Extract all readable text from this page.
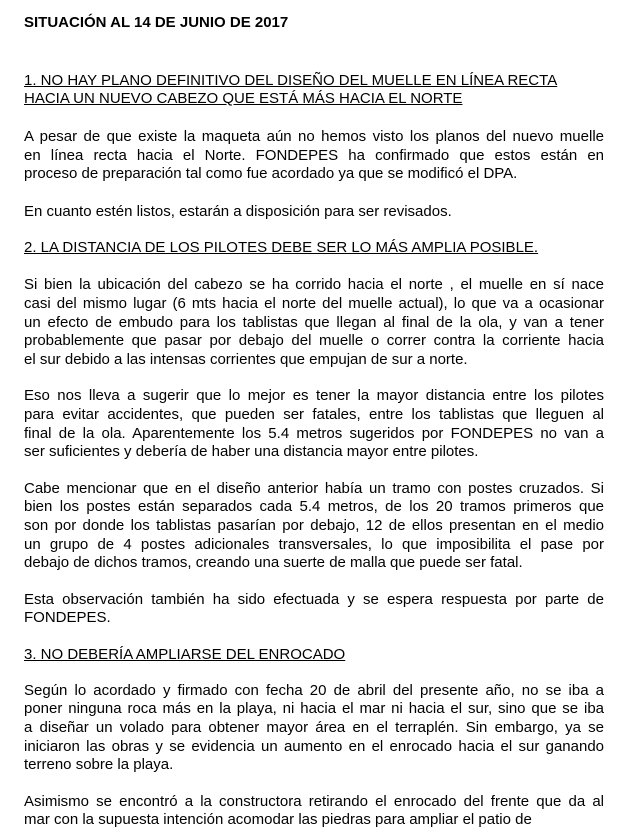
SITUACIÓN AL 14 DE JUNIO DE 2017

1. NO HAY PLANO DEFINITIVO DEL DISEÑO DEL MUELLE EN LÍNEA RECTA
HACIA UN NUEVO CABEZO QUE ESTÁ MÁS HACIA EL NORTE
A pesar de que existe la maqueta aún no hemos visto los planos del nuevo muelle
en línea recta hacia el Norte. FONDEPES ha confirmado que estos están en
proceso de preparación tal como fue acordado ya que se modificó el DPA.
En cuanto estén listos, estarán a disposición para ser revisados.
2. LA DISTANCIA DE LOS PILOTES DEBE SER LO MÁS AMPLIA POSIBLE.
Si bien la ubicación del cabezo se ha corrido hacia el norte , el muelle en sí nace
casi del mismo lugar (6 mts hacia el norte del muelle actual), lo que va a ocasionar
un efecto de embudo para los tablistas que llegan al final de la ola, y van a tener
probablemente que pasar por debajo del muelle o correr contra la corriente hacia
el sur debido a las intensas corrientes que empujan de sur a norte.
Eso nos lleva a sugerir que lo mejor es tener la mayor distancia entre los pilotes
para evitar accidentes, que pueden ser fatales, entre los tablistas que lleguen al
final de la ola. Aparentemente los 5.4 metros sugeridos por FONDEPES no van a
ser suficientes y debería de haber una distancia mayor entre pilotes.
Cabe mencionar que en el diseño anterior había un tramo con postes cruzados. Si
bien los postes están separados cada 5.4 metros, de los 20 tramos primeros que
son por donde los tablistas pasarían por debajo, 12 de ellos presentan en el medio
un grupo de 4 postes adicionales transversales, lo que imposibilita el pase por
debajo de dichos tramos, creando una suerte de malla que puede ser fatal.
Esta observación también ha sido efectuada y se espera respuesta por parte de
FONDEPES.
3. NO DEBERÍA AMPLIARSE DEL ENROCADO
Según lo acordado y firmado con fecha 20 de abril del presente año, no se iba a
poner ninguna roca más en la playa, ni hacia el mar ni hacia el sur, sino que se iba
a diseñar un volado para obtener mayor área en el terraplén. Sin embargo, ya se
iniciaron las obras y se evidencia un aumento en el enrocado hacia el sur ganando
terreno sobre la playa.
Asimismo se encontró a la constructora retirando el enrocado del frente que da al
mar con la supuesta intención acomodar las piedras para ampliar el patio de
